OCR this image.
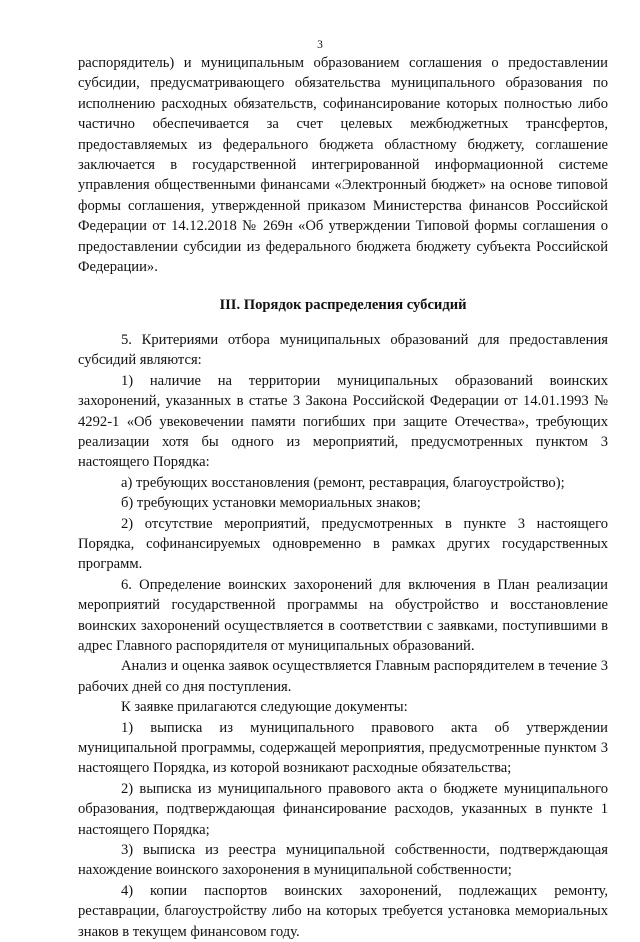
3

распорядитель) и муниципальным образованием соглашения о предоставлении субсидии, предусматривающего обязательства муниципального образования по исполнению расходных обязательств, софинансирование которых полностью либо частично обеспечивается за счет целевых межбюджетных трансфертов, предоставляемых из федерального бюджета областному бюджету, соглашение заключается в государственной интегрированной информационной системе управления общественными финансами «Электронный бюджет» на основе типовой формы соглашения, утвержденной приказом Министерства финансов Российской Федерации от 14.12.2018 № 269н «Об утверждении Типовой формы соглашения о предоставлении субсидии из федерального бюджета бюджету субъекта Российской Федерации».

III. Порядок распределения субсидий

5. Критериями отбора муниципальных образований для предоставления субсидий являются:

1) наличие на территории муниципальных образований воинских захоронений, указанных в статье 3 Закона Российской Федерации от 14.01.1993 № 4292-1 «Об увековечении памяти погибших при защите Отечества», требующих реализации хотя бы одного из мероприятий, предусмотренных пунктом 3 настоящего Порядка:

а) требующих восстановления (ремонт, реставрация, благоустройство);

б) требующих установки мемориальных знаков;

2) отсутствие мероприятий, предусмотренных в пункте 3 настоящего Порядка, софинансируемых одновременно в рамках других государственных программ.

6. Определение воинских захоронений для включения в План реализации мероприятий государственной программы на обустройство и восстановление воинских захоронений осуществляется в соответствии с заявками, поступившими в адрес Главного распорядителя от муниципальных образований.

Анализ и оценка заявок осуществляется Главным распорядителем в течение 3 рабочих дней со дня поступления.

К заявке прилагаются следующие документы:

1) выписка из муниципального правового акта об утверждении муниципальной программы, содержащей мероприятия, предусмотренные пунктом 3 настоящего Порядка, из которой возникают расходные обязательства;

2) выписка из муниципального правового акта о бюджете муниципального образования, подтверждающая финансирование расходов, указанных в пункте 1 настоящего Порядка;

3) выписка из реестра муниципальной собственности, подтверждающая нахождение воинского захоронения в муниципальной собственности;

4) копии паспортов воинских захоронений, подлежащих ремонту, реставрации, благоустройству либо на которых требуется установка мемориальных знаков в текущем финансовом году.
